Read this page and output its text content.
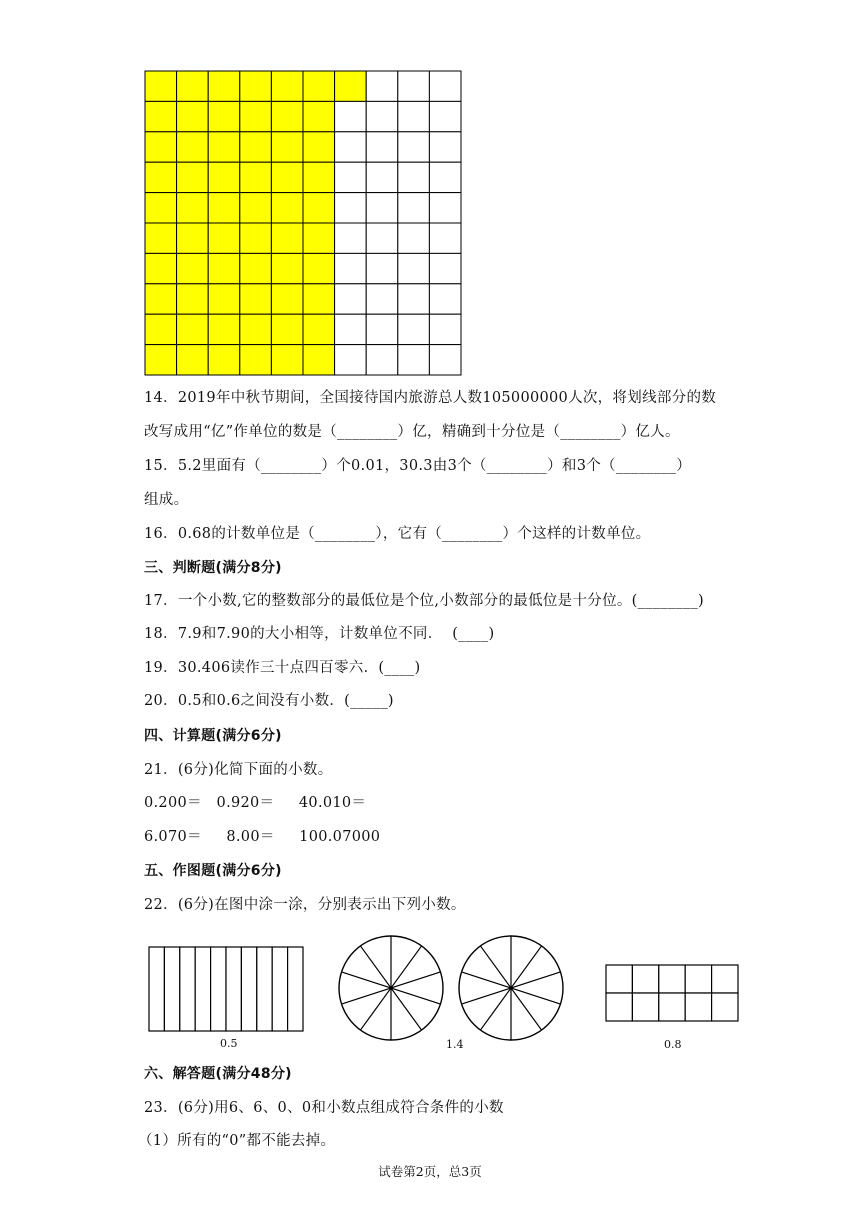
14．2019年中秋节期间，全国接待国内旅游总人数105000000人次，将划线部分的数
改写成用“亿”作单位的数是（________）亿，精确到十分位是（________）亿人。
15．5.2里面有（________）个0.01，30.3由3个（________）和3个（________）
组成。
16．0.68的计数单位是（________），它有（________）个这样的计数单位。
三、判断题(满分8分)
17．一个小数,它的整数部分的最低位是个位,小数部分的最低位是十分位。(________)
18．7.9和7.90的大小相等，计数单位不同．  (____)
19．30.406读作三十点四百零六．(____)
20．0.5和0.6之间没有小数．(_____)
四、计算题(满分6分)
21．(6分)化简下面的小数。
0.200＝   0.920＝     40.010＝
6.070＝     8.00＝     100.07000
五、作图题(满分6分)
22．(6分)在图中涂一涂，分别表示出下列小数。
0.5	1.4	0.8
六、解答题(满分48分)
23．(6分)用6、6、0、0和小数点组成符合条件的小数
（1）所有的“0”都不能去掉。
试卷第2页，总3页
